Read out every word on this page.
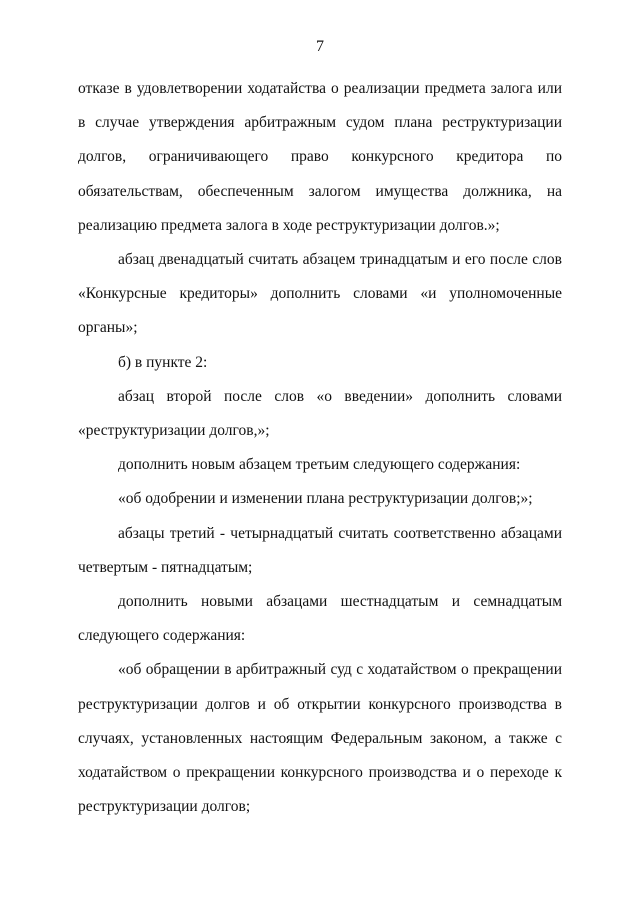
7

отказе в удовлетворении ходатайства о реализации предмета залога или в случае утверждения арбитражным судом плана реструктуризации долгов, ограничивающего право конкурсного кредитора по обязательствам, обеспеченным залогом имущества должника, на реализацию предмета залога в ходе реструктуризации долгов.»;

абзац двенадцатый считать абзацем тринадцатым и его после слов «Конкурсные кредиторы» дополнить словами «и уполномоченные органы»;

б) в пункте 2:

абзац второй после слов «о введении» дополнить словами «реструктуризации долгов,»;

дополнить новым абзацем третьим следующего содержания:

«об одобрении и изменении плана реструктуризации долгов;»;

абзацы третий - четырнадцатый считать соответственно абзацами четвертым - пятнадцатым;

дополнить новыми абзацами шестнадцатым и семнадцатым следующего содержания:

«об обращении в арбитражный суд с ходатайством о прекращении реструктуризации долгов и об открытии конкурсного производства в случаях, установленных настоящим Федеральным законом, а также с ходатайством о прекращении конкурсного производства и о переходе к реструктуризации долгов;
